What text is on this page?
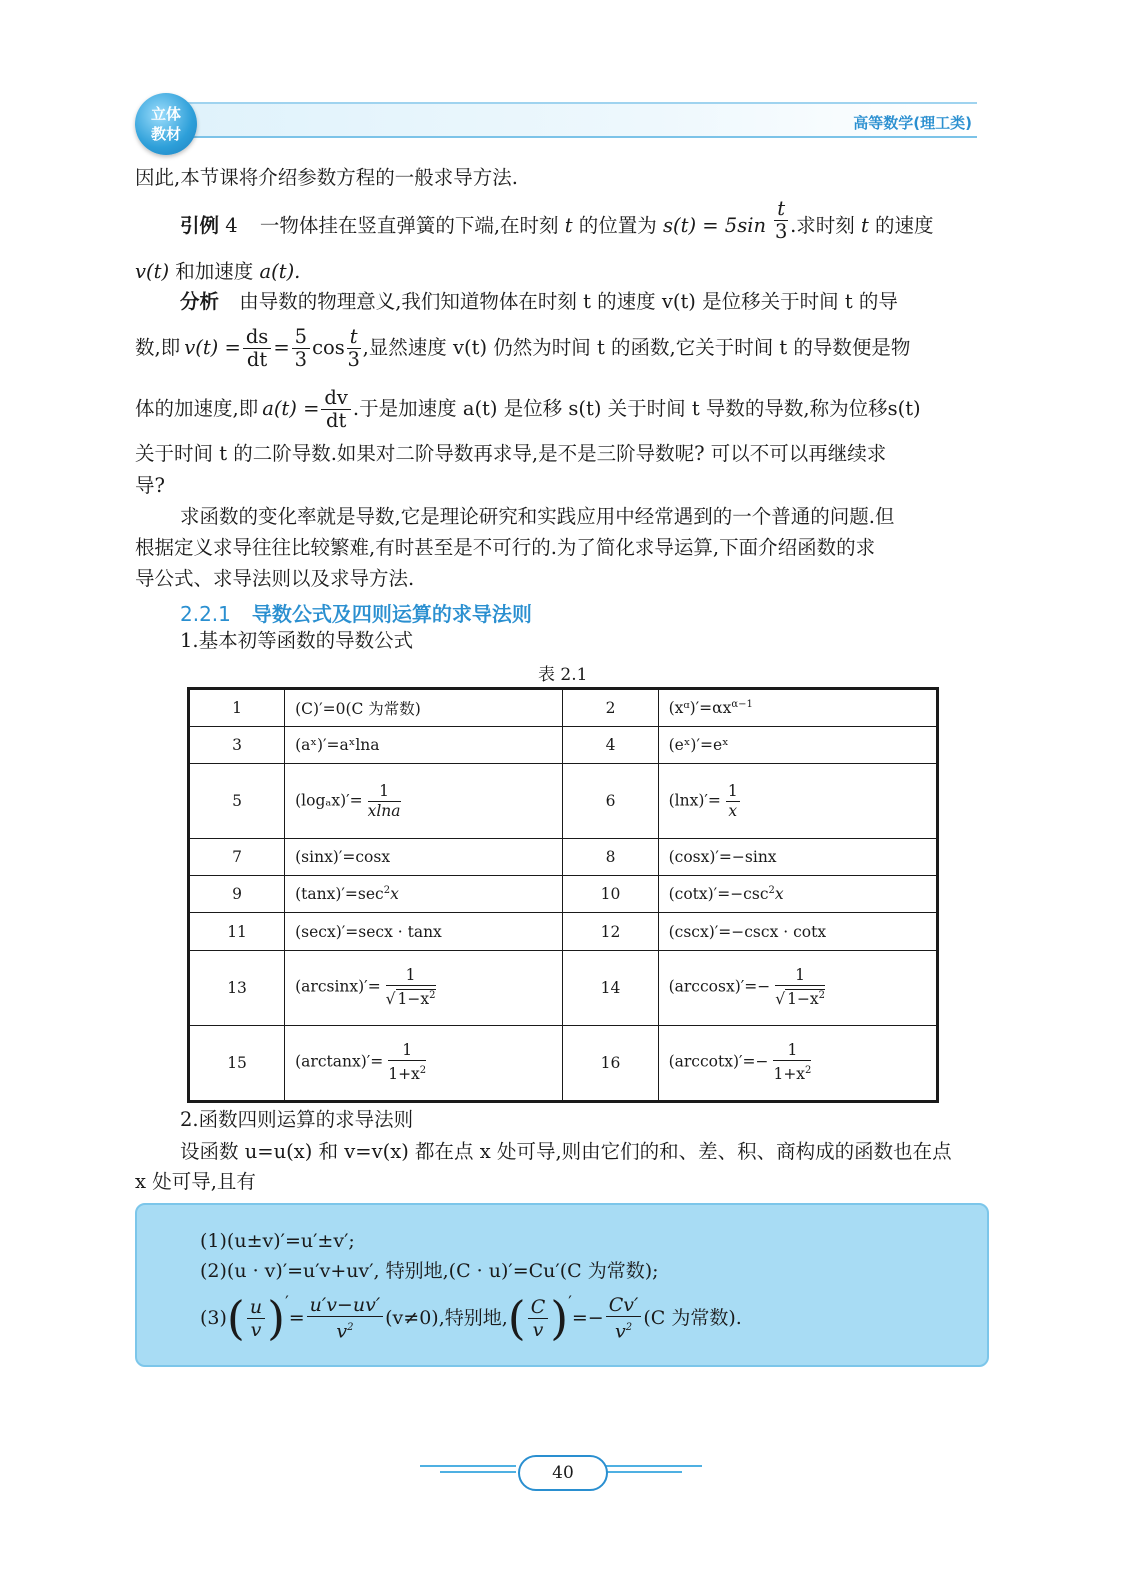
立体
教材
高等数学(理工类)
因此,本节课将介绍参数方程的一般求导方法.
引例 4 一物体挂在竖直弹簧的下端,在时刻 t 的位置为 $s(t) = 5\sin \frac{t}{3}$ .求时刻 t 的速度
v(t) 和加速度 a(t).
分析 由导数的物理意义,我们知道物体在时刻 t 的速度 v(t) 是位移关于时间 t 的导
数,即 $v(t) = \frac{ds}{dt} = \frac{5}{3}$ $\cos \frac{t}{3}$ ,显然速度 v(t) 仍然为时间 t 的函数,它关于时间 t 的导数便是物
体的加速度,即 $a(t) = \frac{dv}{dt}$ .于是加速度 a(t) 是位移 s(t) 关于时间 t 导数的导数,称为位移s(t)
关于时间 t 的二阶导数.如果对二阶导数再求导,是不是三阶导数呢? 可以不可以再继续求
导?
求函数的变化率就是导数,它是理论研究和实践应用中经常遇到的一个普通的问题.但
根据定义求导往往比较繁难,有时甚至是不可行的.为了简化求导运算,下面介绍函数的求
导公式、求导法则以及求导方法.
2.2.1 导数公式及四则运算的求导法则
1.基本初等函数的导数公式
表 2.1
1	(C)′=0(C 为常数)	2	$(xᵅ)'=\alpha x^{\alpha-1}$
3	(aˣ)′=aˣlna	4	(eˣ)′=eˣ
5	$(\log_ax)'= \frac{1}{xlna}$	6	$(\ln x)'= \frac{1}{x}$

7	(sinx)′=cosx	8	(cosx)′=−sinx
9	$(\tan x)'=\sec^2x$	10	$(\cot x)'=-\csc^2x$
11	(secx)′=secx · tanx	12	(cscx)′=−cscx · cotx
13	$(\arcsin x)'= \frac{1}{√ 1-x^2}$	14	$(\arccos x)'=- \frac{1}{√ 1-x^2}$

15	$(\arctan x)'= \frac{1}{1+x^2}$	16	$(arccotx)'=- \frac{1}{1+x^2}$
2.函数四则运算的求导法则
设函数 u=u(x) 和 v=v(x) 都在点 x 处可导,则由它们的和、差、积、商构成的函数也在点
x 处可导,且有
(1)(u±v)′=u′±v′;
(2)(u · v)′=u′v+uv′, 特别地,(C · u)′=Cu′(C 为常数);
(3) ( $\frac{u}{v}$ ) ′
= $\frac{u'v-uv'}{v^2} (v\ne 0)$,特别地, ( $\frac{C}{v}$ ) ′
=− $\frac{Cv'}{v^2} (C$ 为常数).
40
